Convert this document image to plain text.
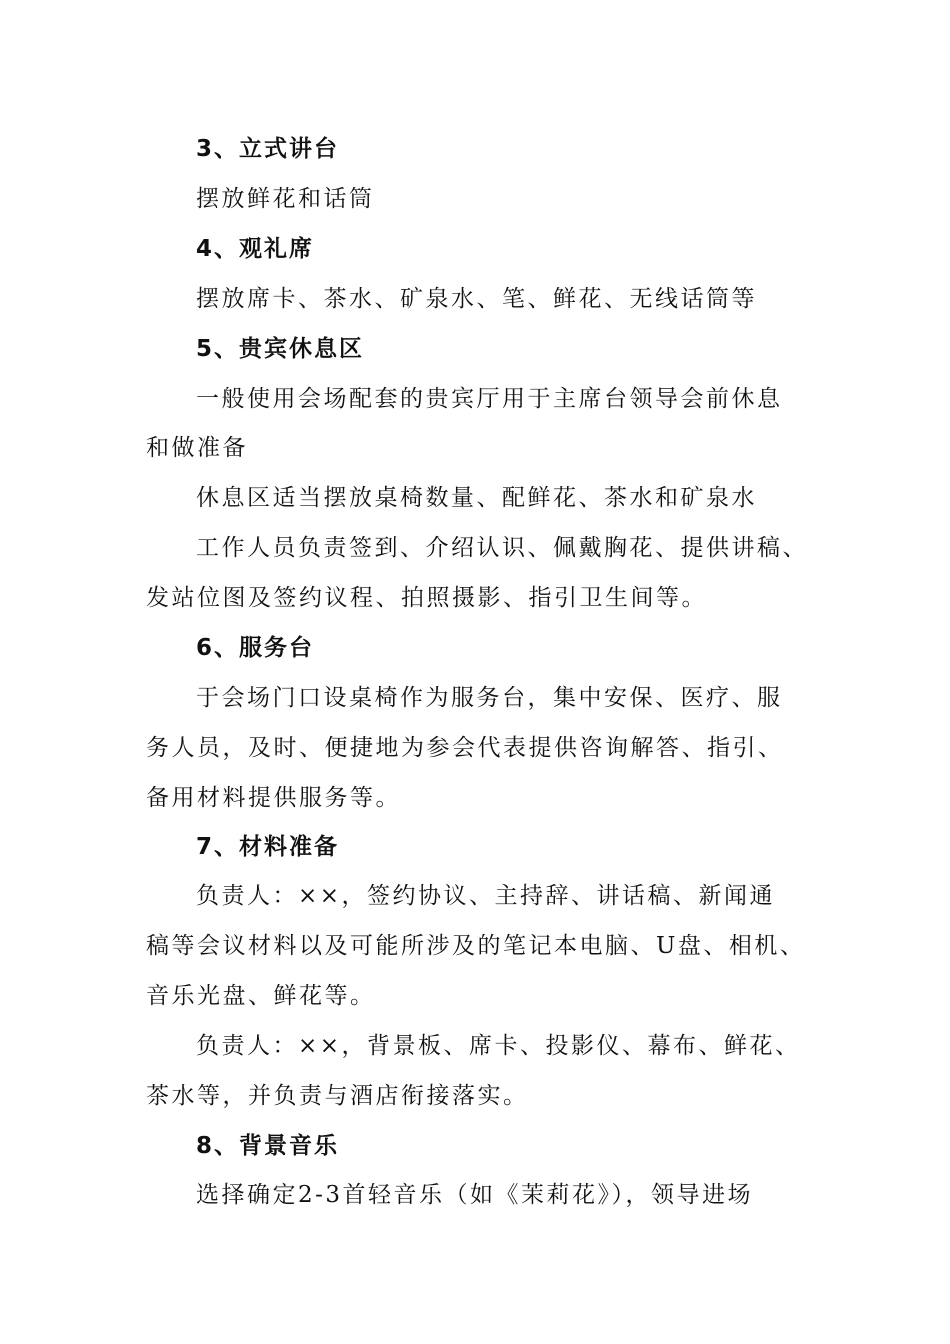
3、立式讲台
摆放鲜花和话筒
4、观礼席
摆放席卡、茶水、矿泉水、笔、鲜花、无线话筒等
5、贵宾休息区
一般使用会场配套的贵宾厅用于主席台领导会前休息
和做准备
休息区适当摆放桌椅数量、配鲜花、茶水和矿泉水
工作人员负责签到、介绍认识、佩戴胸花、提供讲稿、
发站位图及签约议程、拍照摄影、指引卫生间等。
6、服务台
于会场门口设桌椅作为服务台，集中安保、医疗、服
务人员，及时、便捷地为参会代表提供咨询解答、指引、
备用材料提供服务等。
7、材料准备
负责人：××，签约协议、主持辞、讲话稿、新闻通
稿等会议材料以及可能所涉及的笔记本电脑、U盘、相机、
音乐光盘、鲜花等。
负责人：××，背景板、席卡、投影仪、幕布、鲜花、
茶水等，并负责与酒店衔接落实。
8、背景音乐
选择确定2-3首轻音乐（如《茉莉花》），领导进场
